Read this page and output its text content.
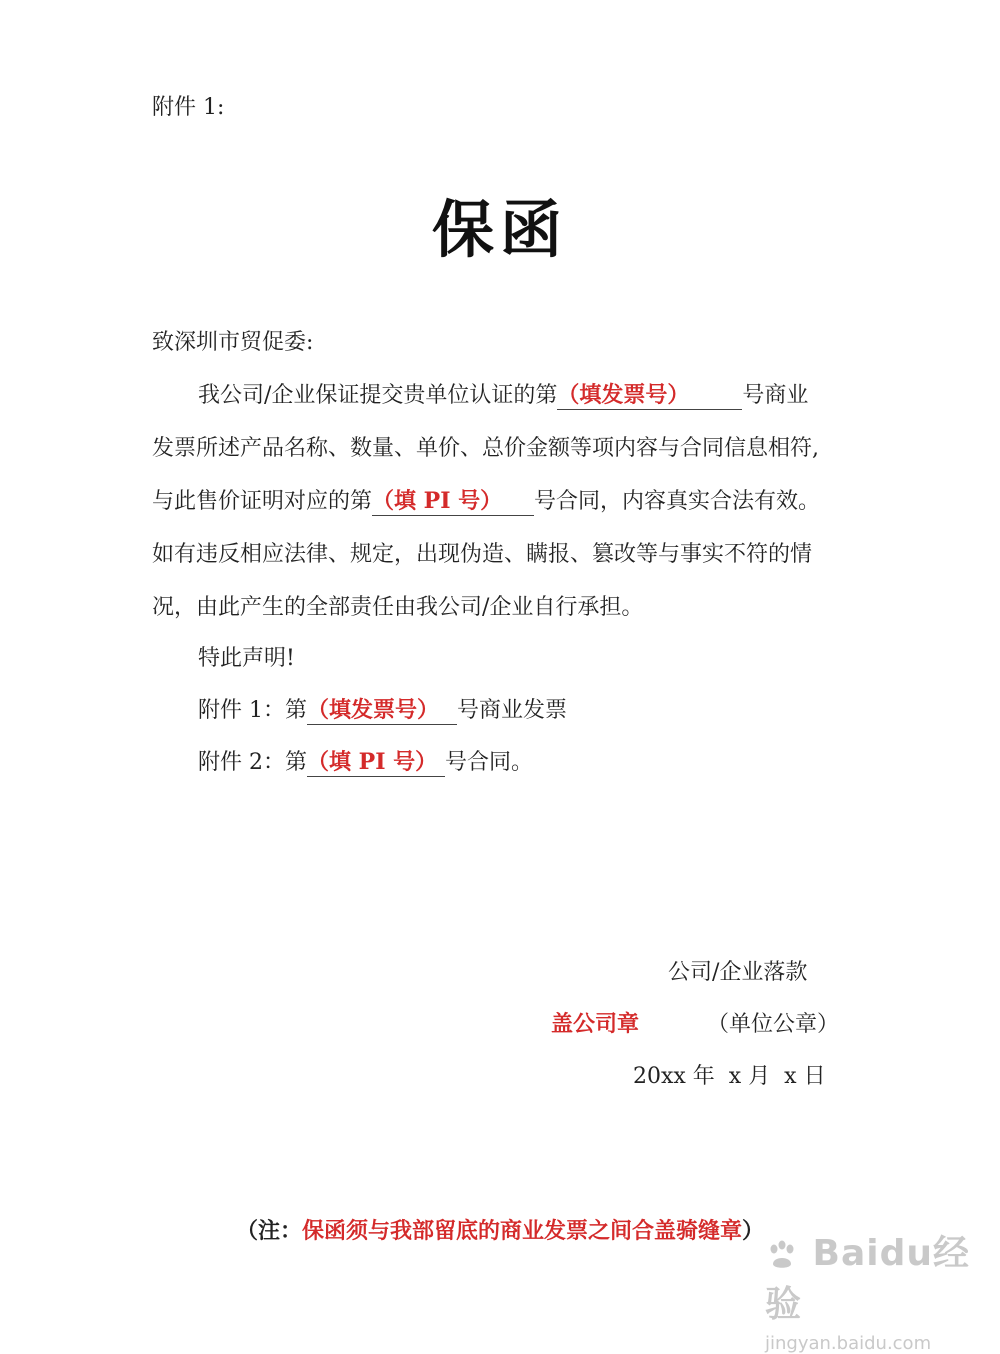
附件 1:
保函
致深圳市贸促委:
我公司/企业保证提交贵单位认证的第（填发票号） 号商业
发票所述产品名称、数量、单价、总价金额等项内容与合同信息相符,
与此售价证明对应的第（填 PI 号） 号合同，内容真实合法有效。
如有违反相应法律、规定，出现伪造、瞒报、篡改等与事实不符的情
况，由此产生的全部责任由我公司/企业自行承担。
特此声明!
附件 1：第（填发票号） 号商业发票
附件 2：第（填 PI 号） 号合同。
公司/企业落款
盖公司章	（单位公章）
20xx 年  x 月  x 日
（注：保函须与我部留底的商业发票之间合盖骑缝章）
Baidu经验
jingyan.baidu.com
